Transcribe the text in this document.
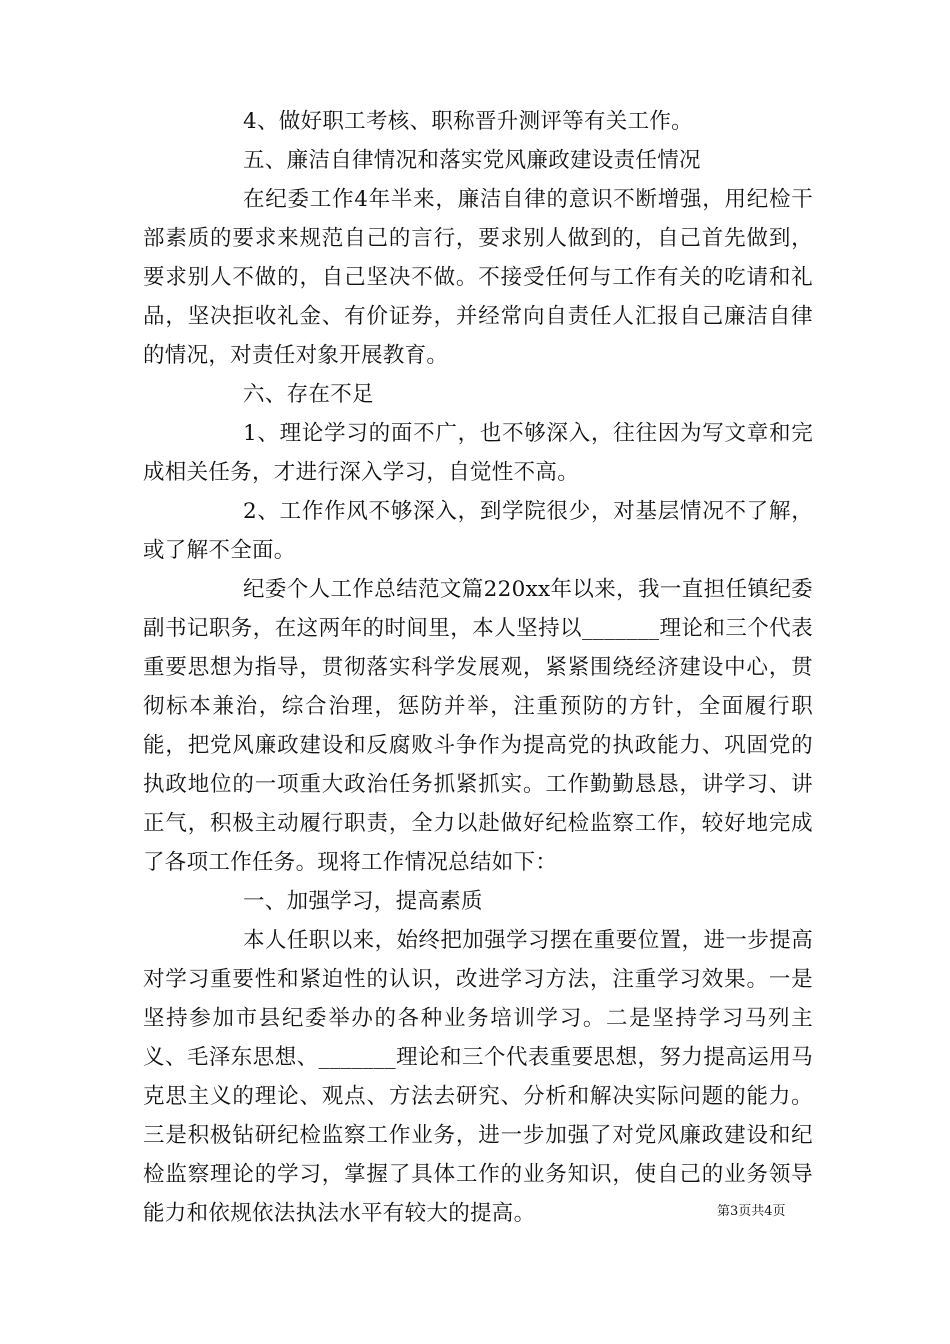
4、做好职工考核、职称晋升测评等有关工作。

五、廉洁自律情况和落实党风廉政建设责任情况

在纪委工作4年半来，廉洁自律的意识不断增强，用纪检干部素质的要求来规范自己的言行，要求别人做到的，自己首先做到，要求别人不做的，自己坚决不做。不接受任何与工作有关的吃请和礼品，坚决拒收礼金、有价证券，并经常向自责任人汇报自己廉洁自律的情况，对责任对象开展教育。

六、存在不足

1、理论学习的面不广，也不够深入，往往因为写文章和完成相关任务，才进行深入学习，自觉性不高。

2、工作作风不够深入，到学院很少，对基层情况不了解，或了解不全面。

纪委个人工作总结范文篇220xx年以来，我一直担任镇纪委副书记职务，在这两年的时间里，本人坚持以_______理论和三个代表重要思想为指导，贯彻落实科学发展观，紧紧围绕经济建设中心，贯彻标本兼治，综合治理，惩防并举，注重预防的方针，全面履行职能，把党风廉政建设和反腐败斗争作为提高党的执政能力、巩固党的执政地位的一项重大政治任务抓紧抓实。工作勤勤恳恳，讲学习、讲正气，积极主动履行职责，全力以赴做好纪检监察工作，较好地完成了各项工作任务。现将工作情况总结如下：

一、加强学习，提高素质

本人任职以来，始终把加强学习摆在重要位置，进一步提高对学习重要性和紧迫性的认识，改进学习方法，注重学习效果。一是坚持参加市县纪委举办的各种业务培训学习。二是坚持学习马列主义、毛泽东思想、_______理论和三个代表重要思想，努力提高运用马克思主义的理论、观点、方法去研究、分析和解决实际问题的能力。三是积极钻研纪检监察工作业务，进一步加强了对党风廉政建设和纪检监察理论的学习，掌握了具体工作的业务知识，使自己的业务领导能力和依规依法执法水平有较大的提高。	第3页共4页
